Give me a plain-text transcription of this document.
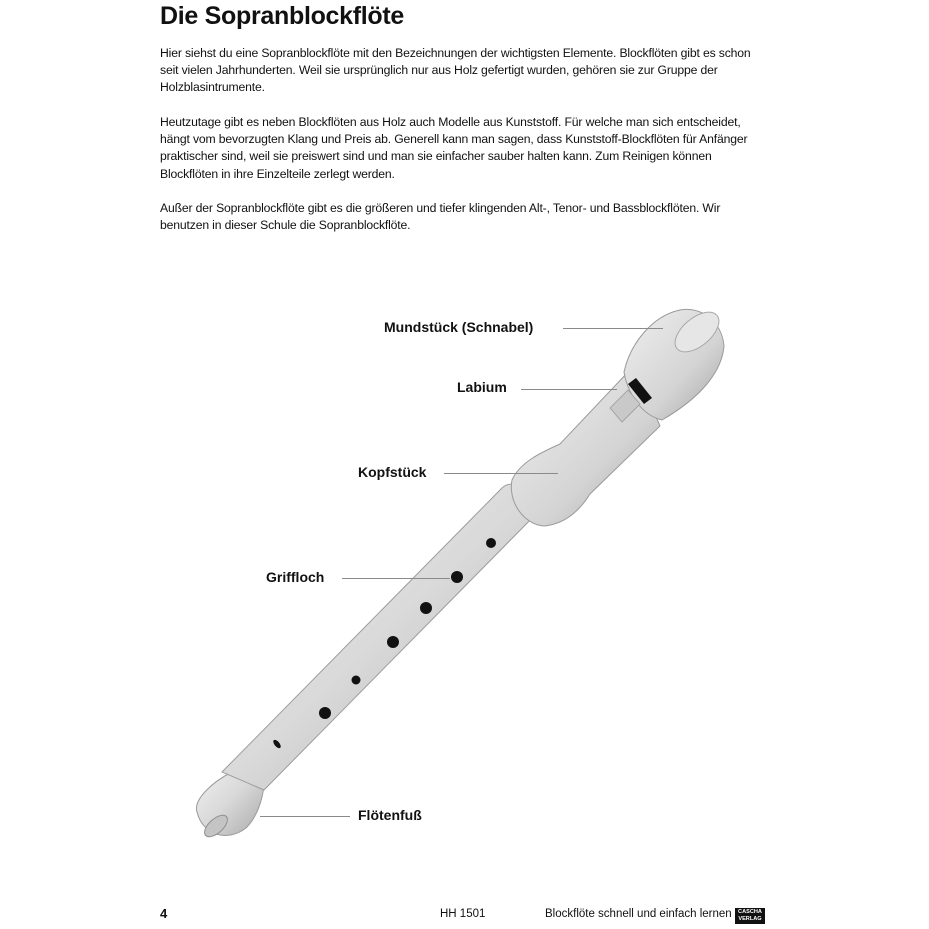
Die Sopranblockflöte

Hier siehst du eine Sopranblockflöte mit den Bezeichnungen der wichtigsten Elemente. Blockflöten gibt es schon seit vielen Jahrhunderten. Weil sie ursprünglich nur aus Holz gefertigt wurden, gehören sie zur Gruppe der Holzblasintrumente.

Heutzutage gibt es neben Blockflöten aus Holz auch Modelle aus Kunststoff. Für welche man sich entscheidet, hängt vom bevorzugten Klang und Preis ab. Generell kann man sagen, dass Kunststoff-Blockflöten für Anfänger praktischer sind, weil sie preiswert sind und man sie einfacher sauber halten kann. Zum Reinigen können Blockflöten in ihre Einzelteile zerlegt werden.

Außer der Sopranblockflöte gibt es die größeren und tiefer klingenden Alt-, Tenor- und Bassblockflöten. Wir benutzen in dieser Schule die Sopranblockflöte.

Mundstück (Schnabel)
Labium
Kopfstück
Griffloch
Flötenfuß
4	HH 1501	Blockflöte schnell und einfach lernen	CASCHA
VERLAG
